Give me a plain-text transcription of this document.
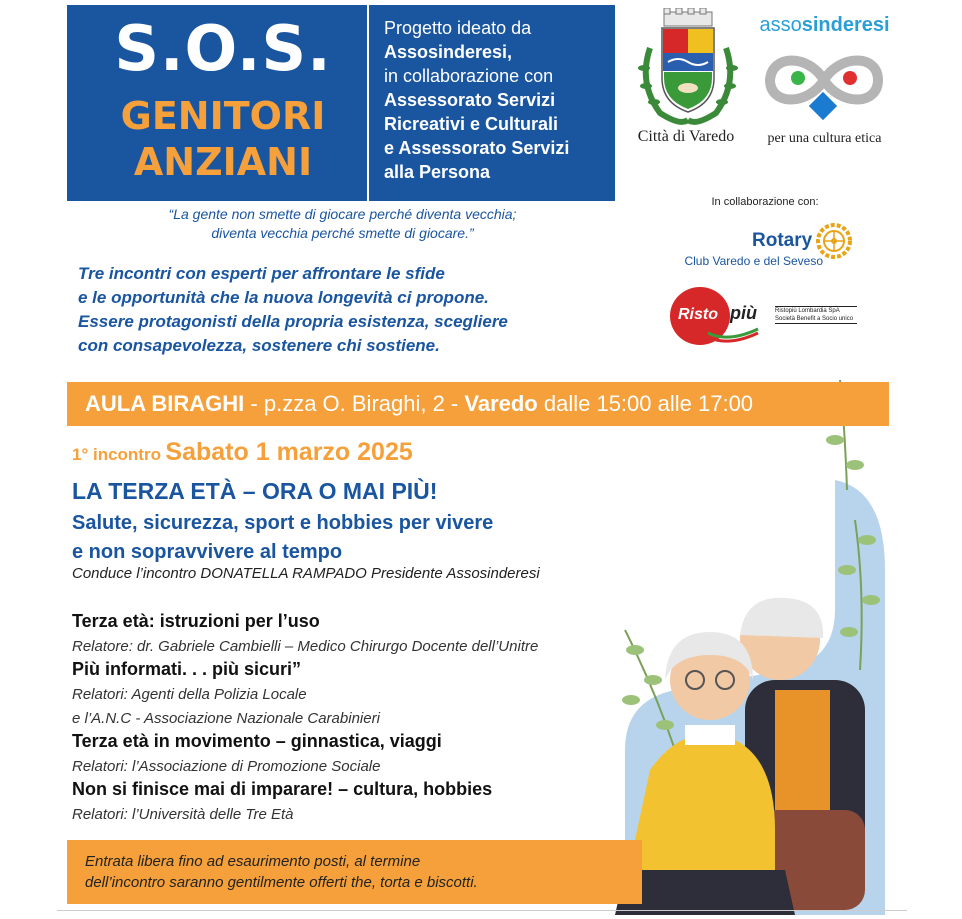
S.O.S.
GENITORI
ANZIANI
Progetto ideato da
Assosinderesi,
in collaborazione con
Assessorato Servizi
Ricreativi e Culturali
e Assessorato Servizi
alla Persona
Città di Varedo
assosinderesi
per una cultura etica
“La gente non smette di giocare perché diventa vecchia;
diventa vecchia perché smette di giocare.”
In collaborazione con:
Rotary
Club Varedo e del Seveso
Risto più	Ristopiù Lombardia SpA
Società Benefit a Socio unico
Tre incontri con esperti per affrontare le sfide
e le opportunità che la nuova longevità ci propone.
Essere protagonisti della propria esistenza, scegliere
con consapevolezza, sostenere chi sostiene.
AULA BIRAGHI - p.zza O. Biraghi, 2 - Varedo dalle 15:00 alle 17:00
1° incontro Sabato 1 marzo 2025
LA TERZA ETÀ – ORA O MAI PIÙ!
Salute, sicurezza, sport e hobbies per vivere
e non sopravvivere al tempo
Conduce l’incontro DONATELLA RAMPADO Presidente Assosinderesi
Terza età: istruzioni per l’uso
Relatore: dr. Gabriele Cambielli – Medico Chirurgo Docente dell’Unitre
Più informati. . . più sicuri”
Relatori: Agenti della Polizia Locale
e l’A.N.C - Associazione Nazionale Carabinieri
Terza età in movimento – ginnastica, viaggi
Relatori: l’Associazione di Promozione Sociale
Non si finisce mai di imparare! – cultura, hobbies
Relatori: l’Università delle Tre Età
Entrata libera fino ad esaurimento posti, al termine
dell’incontro saranno gentilmente offerti the, torta e biscotti.
